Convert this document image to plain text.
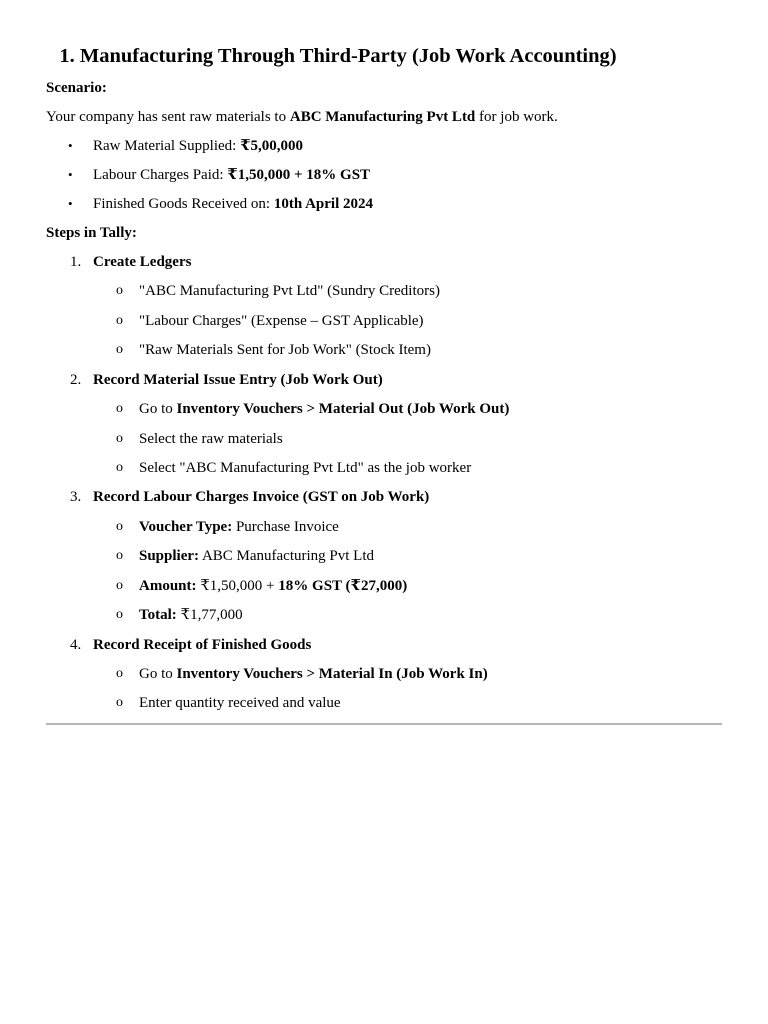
1. Manufacturing Through Third-Party (Job Work Accounting)
Scenario:
Your company has sent raw materials to ABC Manufacturing Pvt Ltd for job work.
• Raw Material Supplied: ₹5,00,000
• Labour Charges Paid: ₹1,50,000 + 18% GST
• Finished Goods Received on: 10th April 2024
Steps in Tally:
1. Create Ledgers
o "ABC Manufacturing Pvt Ltd" (Sundry Creditors)
o "Labour Charges" (Expense – GST Applicable)
o "Raw Materials Sent for Job Work" (Stock Item)
2. Record Material Issue Entry (Job Work Out)
o Go to Inventory Vouchers > Material Out (Job Work Out)
o Select the raw materials
o Select "ABC Manufacturing Pvt Ltd" as the job worker
3. Record Labour Charges Invoice (GST on Job Work)
o Voucher Type: Purchase Invoice
o Supplier: ABC Manufacturing Pvt Ltd
o Amount: ₹1,50,000 + 18% GST (₹27,000)
o Total: ₹1,77,000
4. Record Receipt of Finished Goods
o Go to Inventory Vouchers > Material In (Job Work In)
o Enter quantity received and value
